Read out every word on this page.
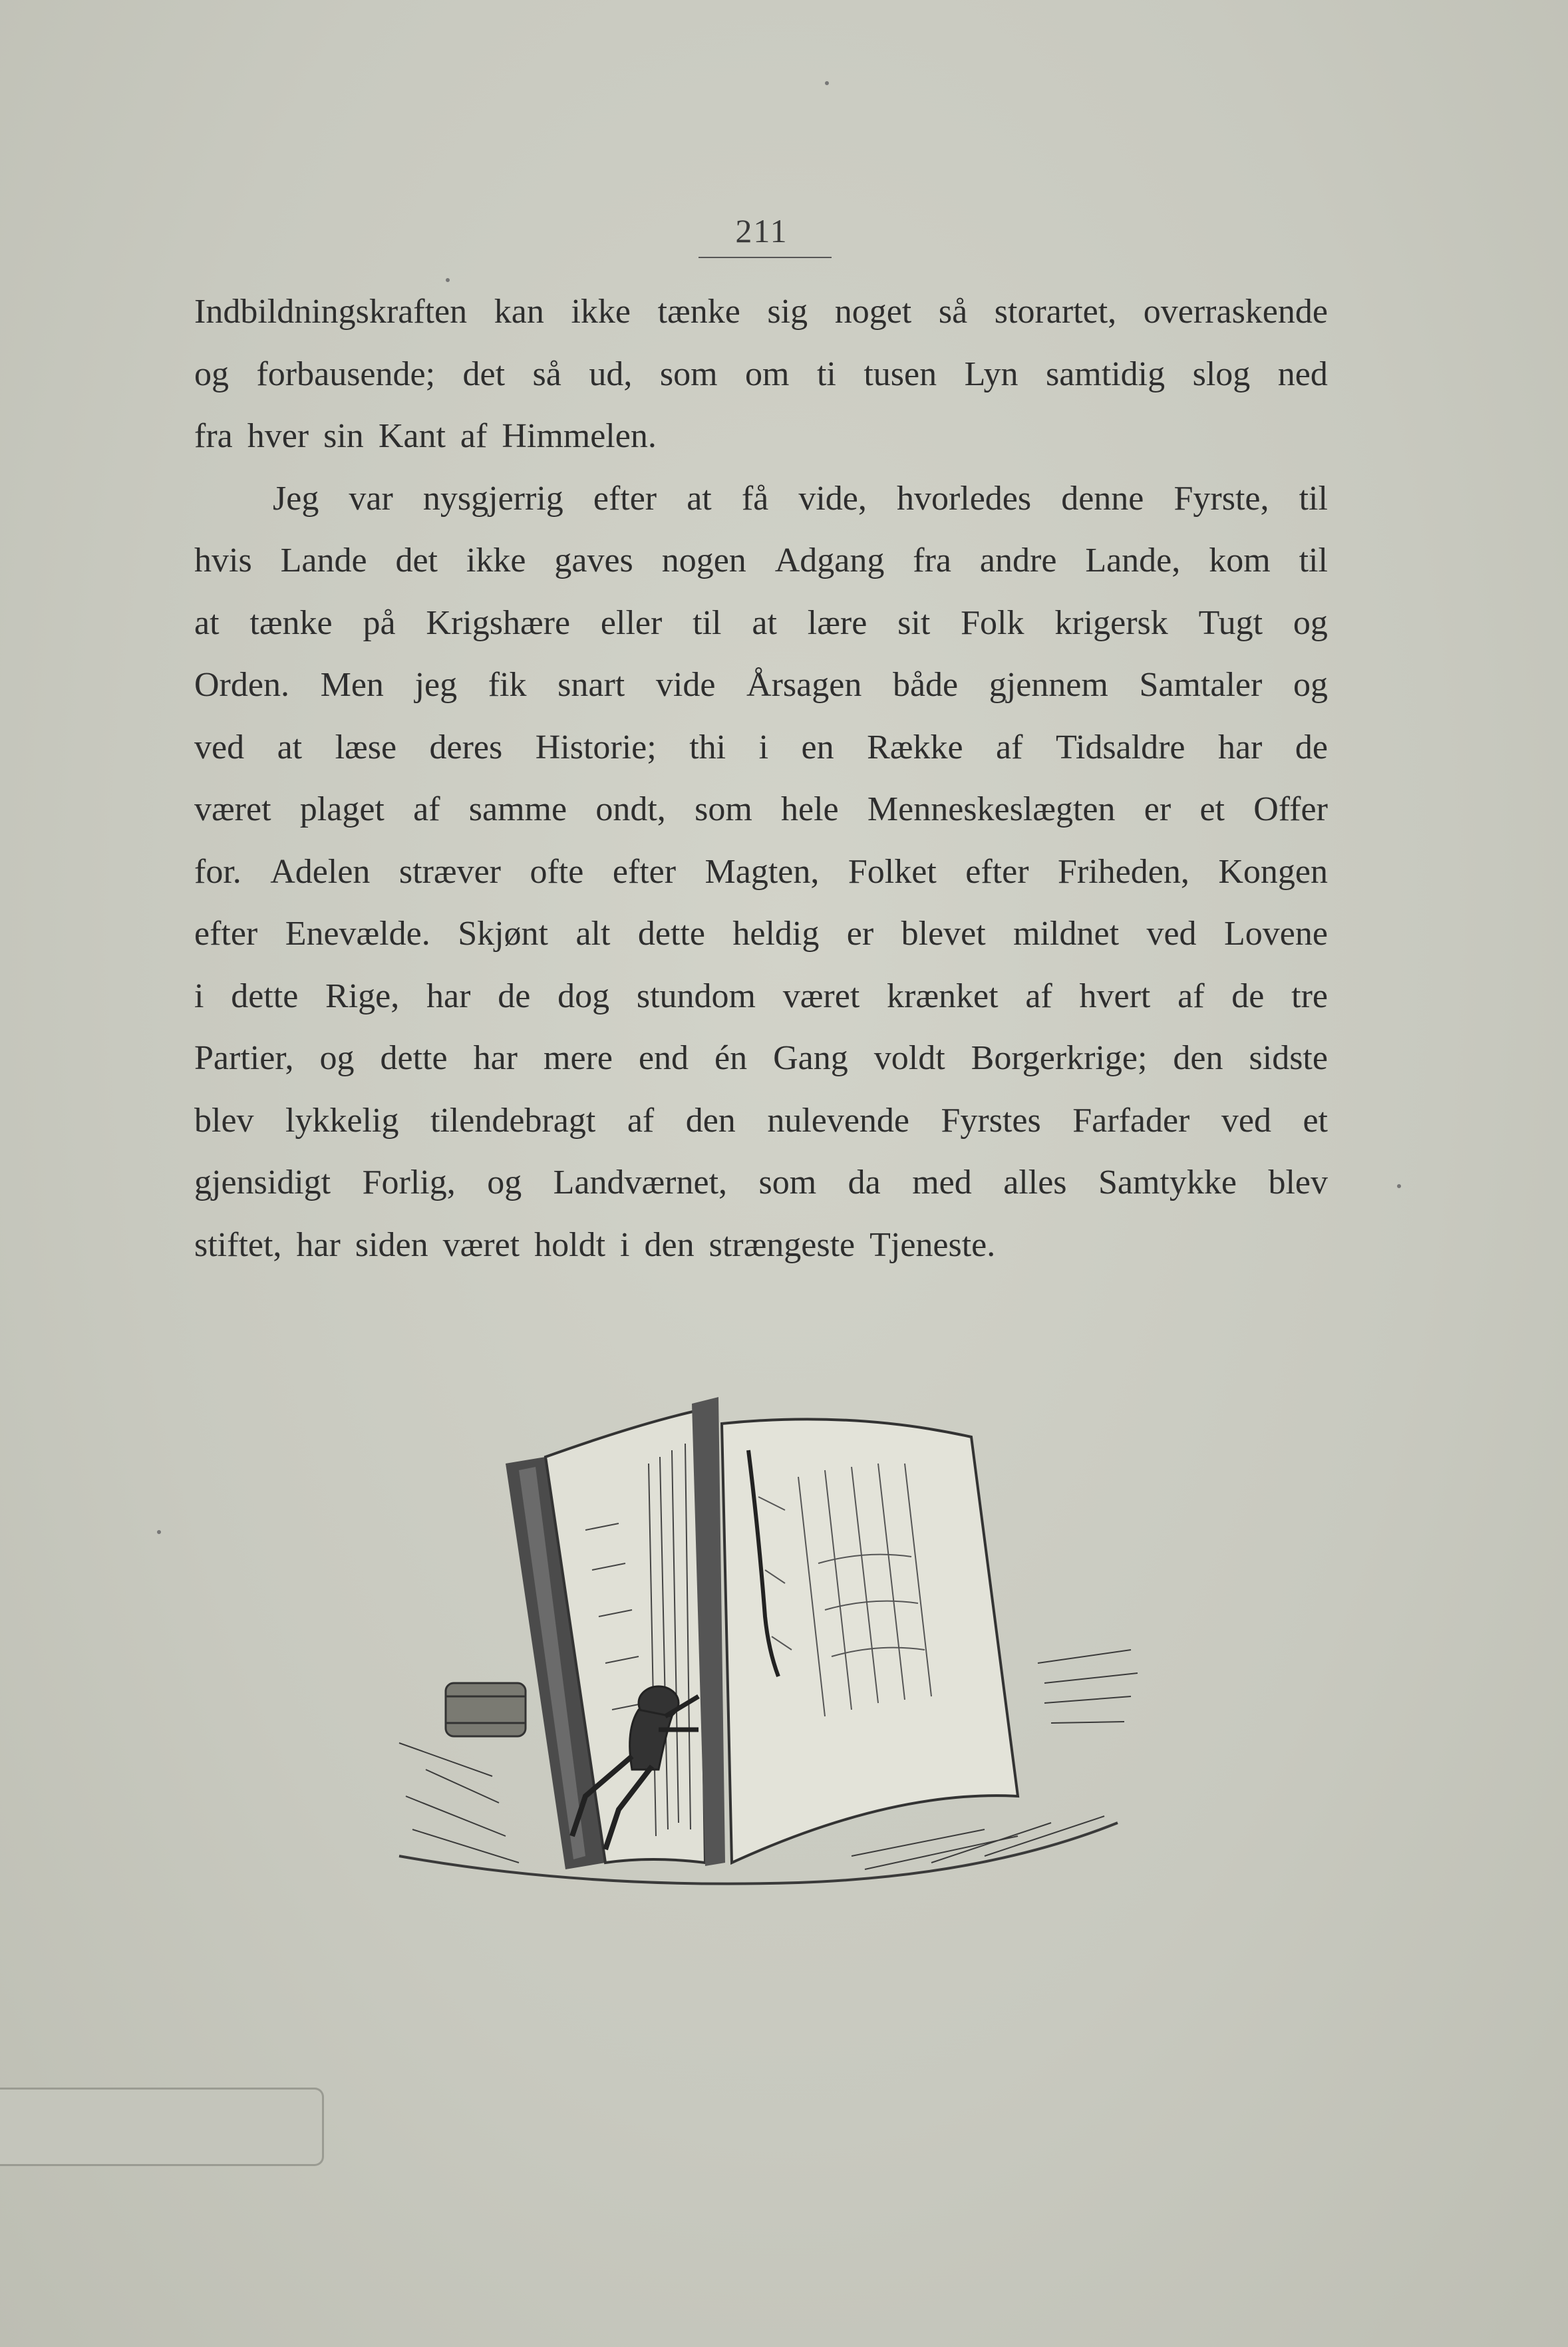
211
Indbildningskraften kan ikke tænke sig noget så storartet, overraskende
og forbausende; det så ud, som om ti tusen Lyn samtidig slog ned
fra hver sin Kant af Himmelen.
Jeg var nysgjerrig efter at få vide, hvorledes denne Fyrste, til
hvis Lande det ikke gaves nogen Adgang fra andre Lande, kom til
at tænke på Krigshære eller til at lære sit Folk krigersk Tugt og
Orden. Men jeg fik snart vide Årsagen både gjennem Samtaler og
ved at læse deres Historie; thi i en Række af Tidsaldre har de
været plaget af samme ondt, som hele Menneskeslægten er et Offer
for. Adelen stræver ofte efter Magten, Folket efter Friheden, Kongen
efter Enevælde. Skjønt alt dette heldig er blevet mildnet ved Lovene
i dette Rige, har de dog stundom været krænket af hvert af de tre
Partier, og dette har mere end én Gang voldt Borgerkrige; den sidste
blev lykkelig tilendebragt af den nulevende Fyrstes Farfader ved et
gjensidigt Forlig, og Landværnet, som da med alles Samtykke blev
stiftet, har siden været holdt i den strængeste Tjeneste.
